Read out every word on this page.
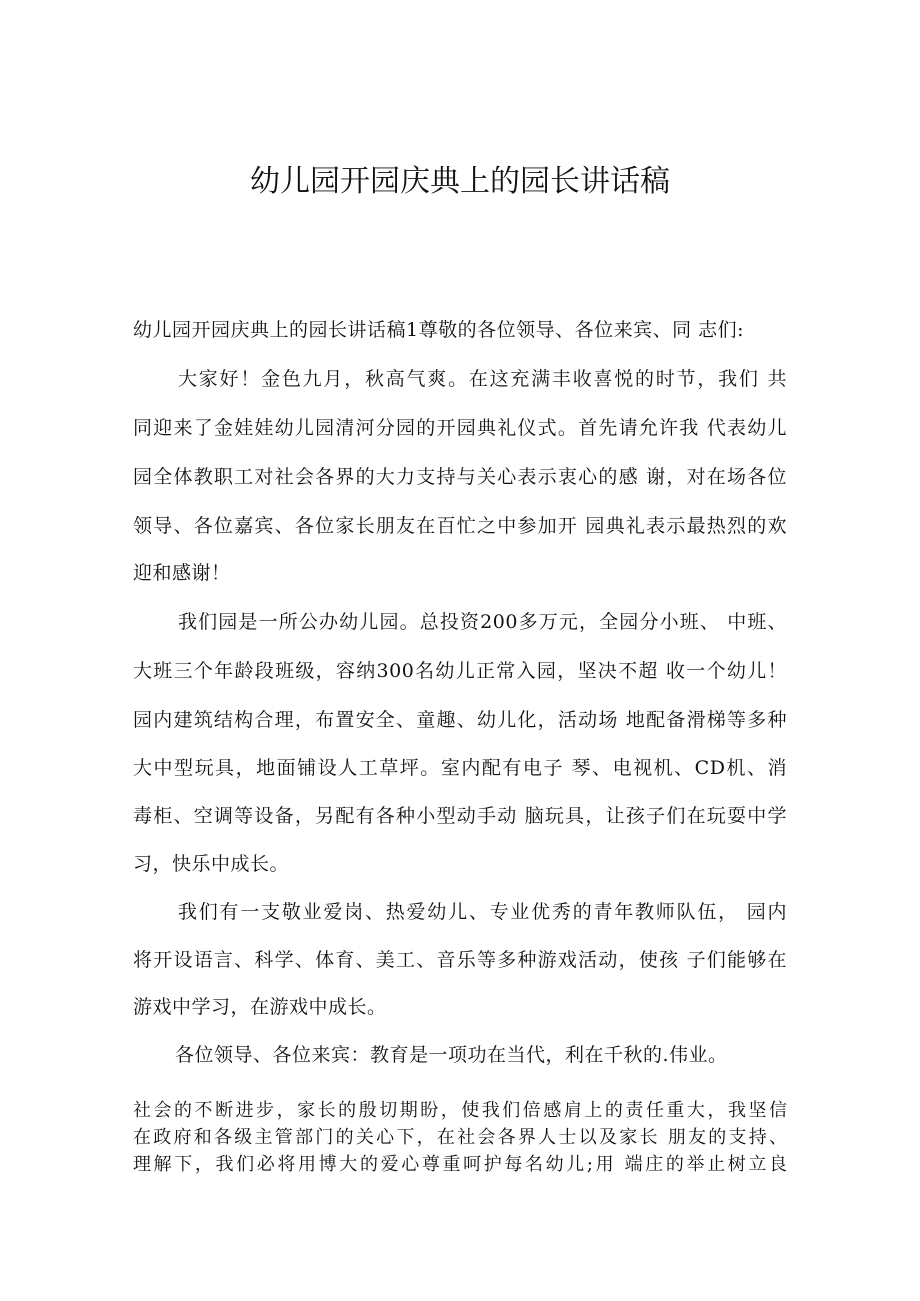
幼儿园开园庆典上的园长讲话稿
幼儿园开园庆典上的园长讲话稿1尊敬的各位领导、各位来宾、同 志们:
大家好！金色九月，秋高气爽。在这充满丰收喜悦的时节，我们 共
同迎来了金娃娃幼儿园清河分园的开园典礼仪式。首先请允许我 代表幼儿
园全体教职工对社会各界的大力支持与关心表示衷心的感 谢，对在场各位
领导、各位嘉宾、各位家长朋友在百忙之中参加开 园典礼表示最热烈的欢
迎和感谢！
我们园是一所公办幼儿园。总投资200多万元，全园分小班、 中班、
大班三个年龄段班级，容纳300名幼儿正常入园，坚决不超 收一个幼儿！
园内建筑结构合理，布置安全、童趣、幼儿化，活动场 地配备滑梯等多种
大中型玩具，地面铺设人工草坪。室内配有电子 琴、电视机、CD机、消
毒柜、空调等设备，另配有各种小型动手动 脑玩具，让孩子们在玩耍中学
习，快乐中成长。
我们有一支敬业爱岗、热爱幼儿、专业优秀的青年教师队伍， 园内
将开设语言、科学、体育、美工、音乐等多种游戏活动，使孩 子们能够在
游戏中学习，在游戏中成长。
各位领导、各位来宾：教育是一项功在当代，利在千秋的.伟业。
社会的不断进步，家长的殷切期盼，使我们倍感肩上的责任重大，我坚信
在政府和各级主管部门的关心下，在社会各界人士以及家长 朋友的支持、
理解下，我们必将用博大的爱心尊重呵护每名幼儿;用 端庄的举止树立良
